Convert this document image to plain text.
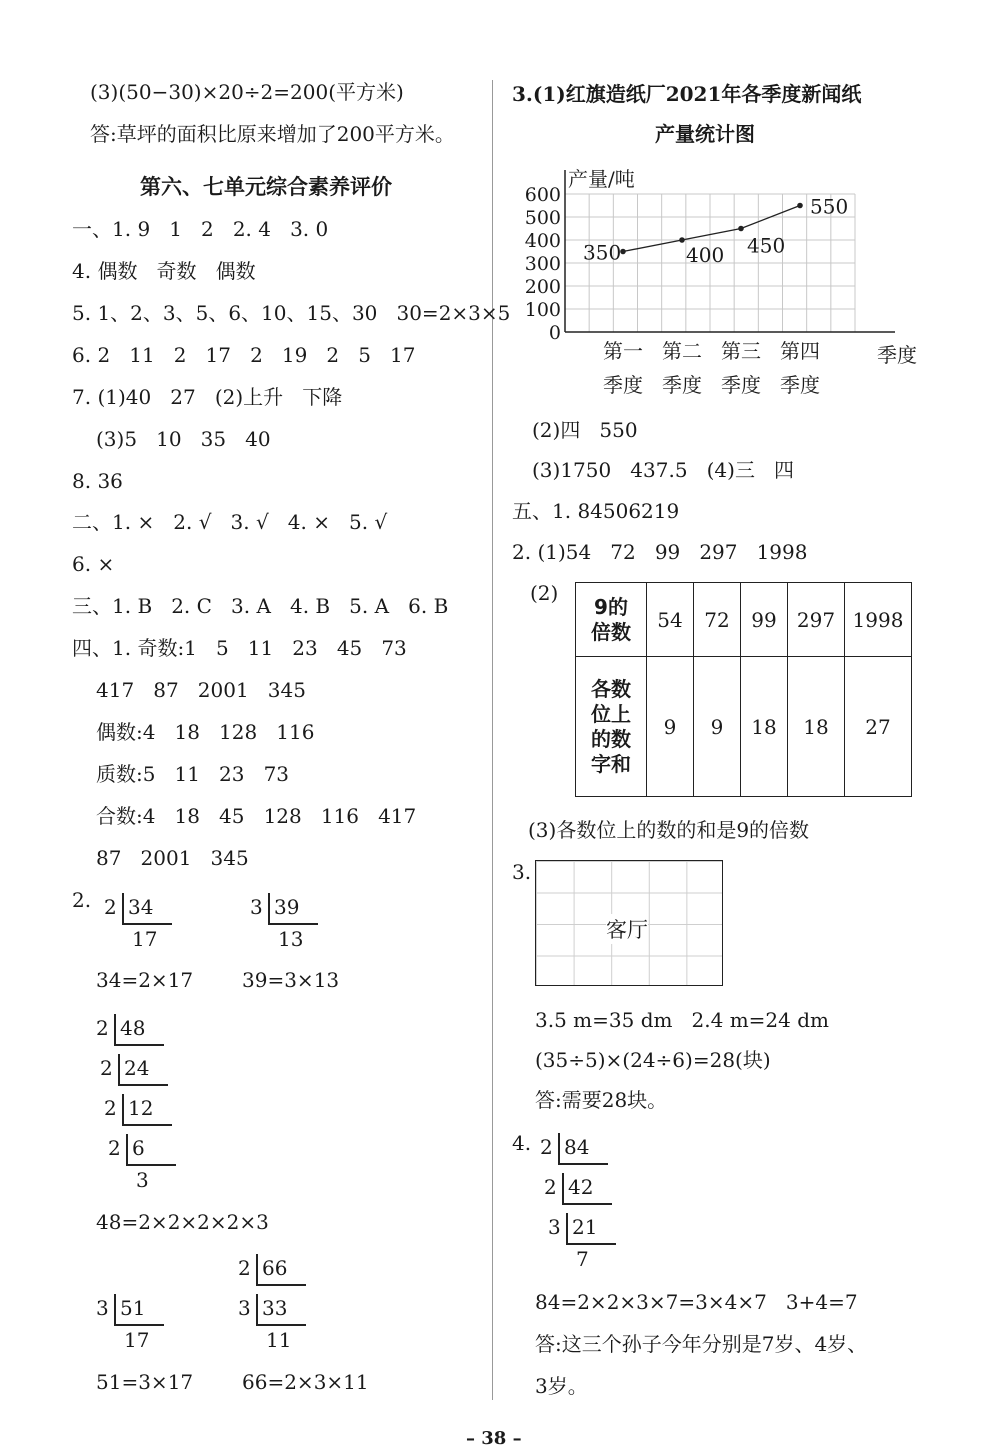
第六、七单元综合素养评价
2 34
17
3 39
13
2 48
2 24
2 12
2 6
3
3 51
17
2 66
3 33
11
2 84
2 42
3 21
7
产量/吨
0
100
200
300
400
500
600
第一
季度
第二
季度
第三
季度
第四
季度
季度
350	400 450
550
9的
倍数	54	72	99	297	1998
各数
位上
的数
字和	9	9	18	18	27
客厅
– 38 –
(3)(50−30)×20÷2=200(平方米)
答:草坪的面积比原来增加了200平方米。
一、1. 9   1   2   2. 4   3. 0
4. 偶数   奇数   偶数
5. 1、2、3、5、6、10、15、30   30=2×3×5
6. 2   11   2   17   2   19   2   5   17
7. (1)40   27   (2)上升   下降
(3)5   10   35   40
8. 36
二、1. ×   2. √   3. √   4. ×   5. √
6. ×
三、1. B   2. C   3. A   4. B   5. A   6. B
四、1. 奇数:1   5   11   23   45   73
417   87   2001   345
偶数:4   18   128   116
质数:5   11   23   73
合数:4   18   45   128   116   417
87   2001   345
2.
34=2×17 39=3×13
48=2×2×2×2×3
51=3×17 66=2×3×11
3.(1)红旗造纸厂2021年各季度新闻纸
产量统计图
(2)四   550
(3)1750   437.5   (4)三   四
五、1. 84506219
2. (1)54   72   99   297   1998
(2)
(3)各数位上的数的和是9的倍数
3.
3.5 m=35 dm   2.4 m=24 dm
(35÷5)×(24÷6)=28(块)
答:需要28块。
4.
84=2×2×3×7=3×4×7   3+4=7
答:这三个孙子今年分别是7岁、4岁、
3岁。
